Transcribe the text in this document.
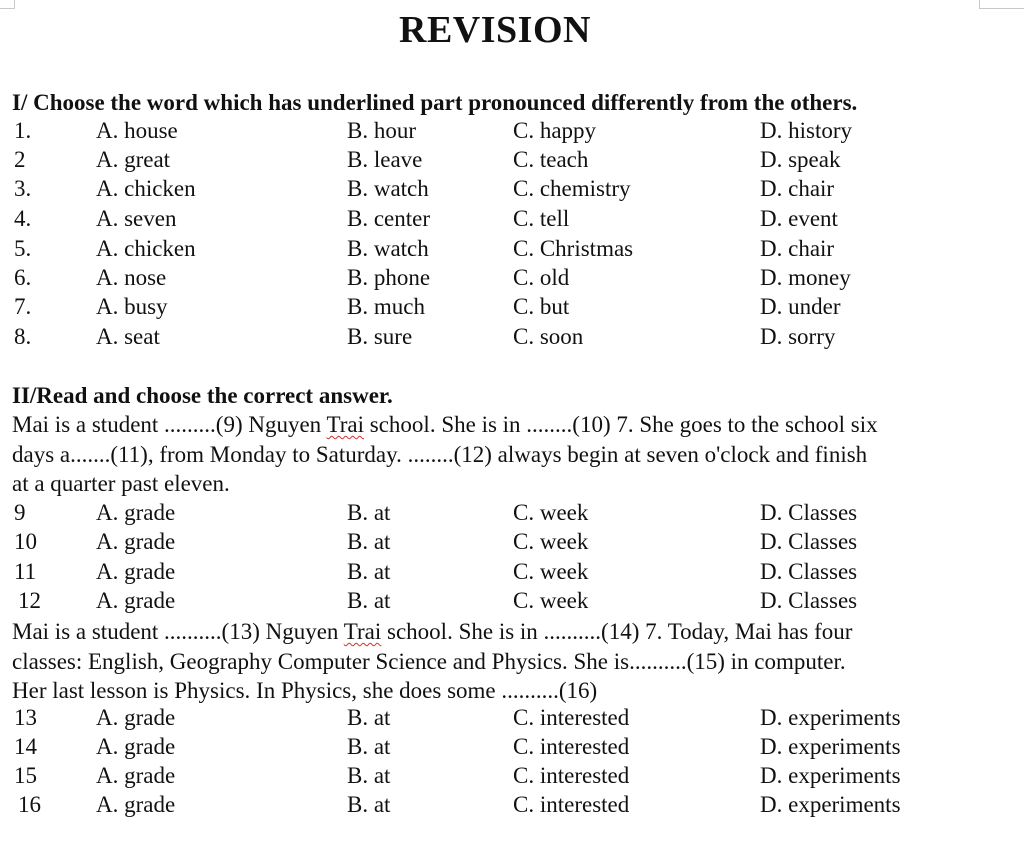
REVISION
I/ Choose the word which has underlined part pronounced differently from the others.
1.	A. house	B. hour	C. happy	D. history
2	A. great	B. leave	C. teach	D. speak
3.	A. chicken	B. watch	C. chemistry	D. chair
4.	A. seven	B. center	C. tell	D. event
5.	A. chicken	B. watch	C. Christmas	D. chair
6.	A. nose	B. phone	C. old	D. money
7.	A. busy	B. much	C. but	D. under
8.	A. seat	B. sure	C. soon	D. sorry
II/Read and choose the correct answer.
Mai is a student .........(9) Nguyen Trai school. She is in ........(10) 7. She goes to the school six
days a.......(11), from Monday to Saturday. ........(12) always begin at seven o'clock and finish
at a quarter past eleven.
9	A. grade	B. at	C. week	D. Classes
10	A. grade	B. at	C. week	D. Classes
11	A. grade	B. at	C. week	D. Classes
12 A. grade	B. at	C. week	D. Classes
Mai is a student ..........(13) Nguyen Trai school. She is in ..........(14) 7. Today, Mai has four
classes: English, Geography Computer Science and Physics. She is..........(15) in computer.
Her last lesson is Physics. In Physics, she does some ..........(16)
13	A. grade	B. at	C. interested	D. experiments
14	A. grade	B. at	C. interested	D. experiments
15	A. grade	B. at	C. interested	D. experiments
16 A. grade	B. at	C. interested	D. experiments
